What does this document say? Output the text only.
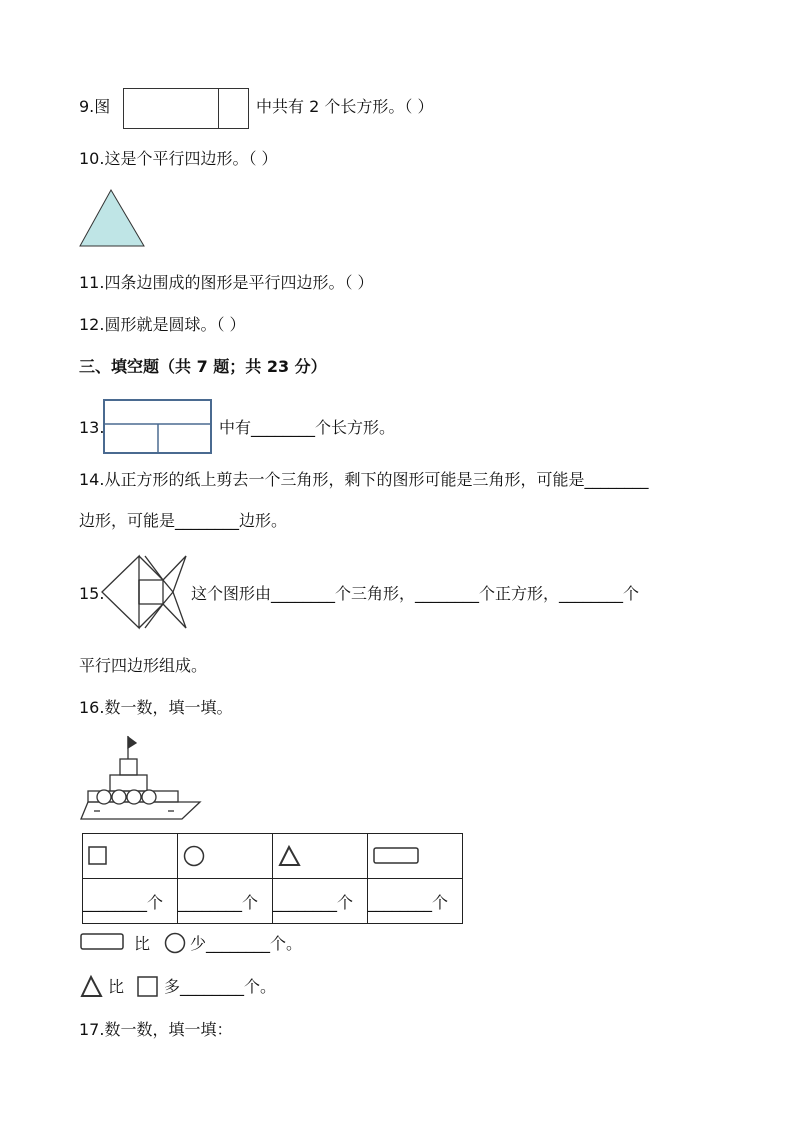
9.图	中共有 2 个长方形。（ ）
10.这是个平行四边形。（ ）
11.四条边围成的图形是平行四边形。（ ）
12.圆形就是圆球。（ ）
三、填空题（共 7 题；共 23 分）
13.	中有________个长方形。
14.从正方形的纸上剪去一个三角形，剩下的图形可能是三角形，可能是________
边形，可能是________边形。
15.	这个图形由________个三角形，________个正方形，________个
平行四边形组成。
16.数一数，填一填。

________个	________个	________个	________个
比 少________个。
比 多________个。
17.数一数，填一填：
